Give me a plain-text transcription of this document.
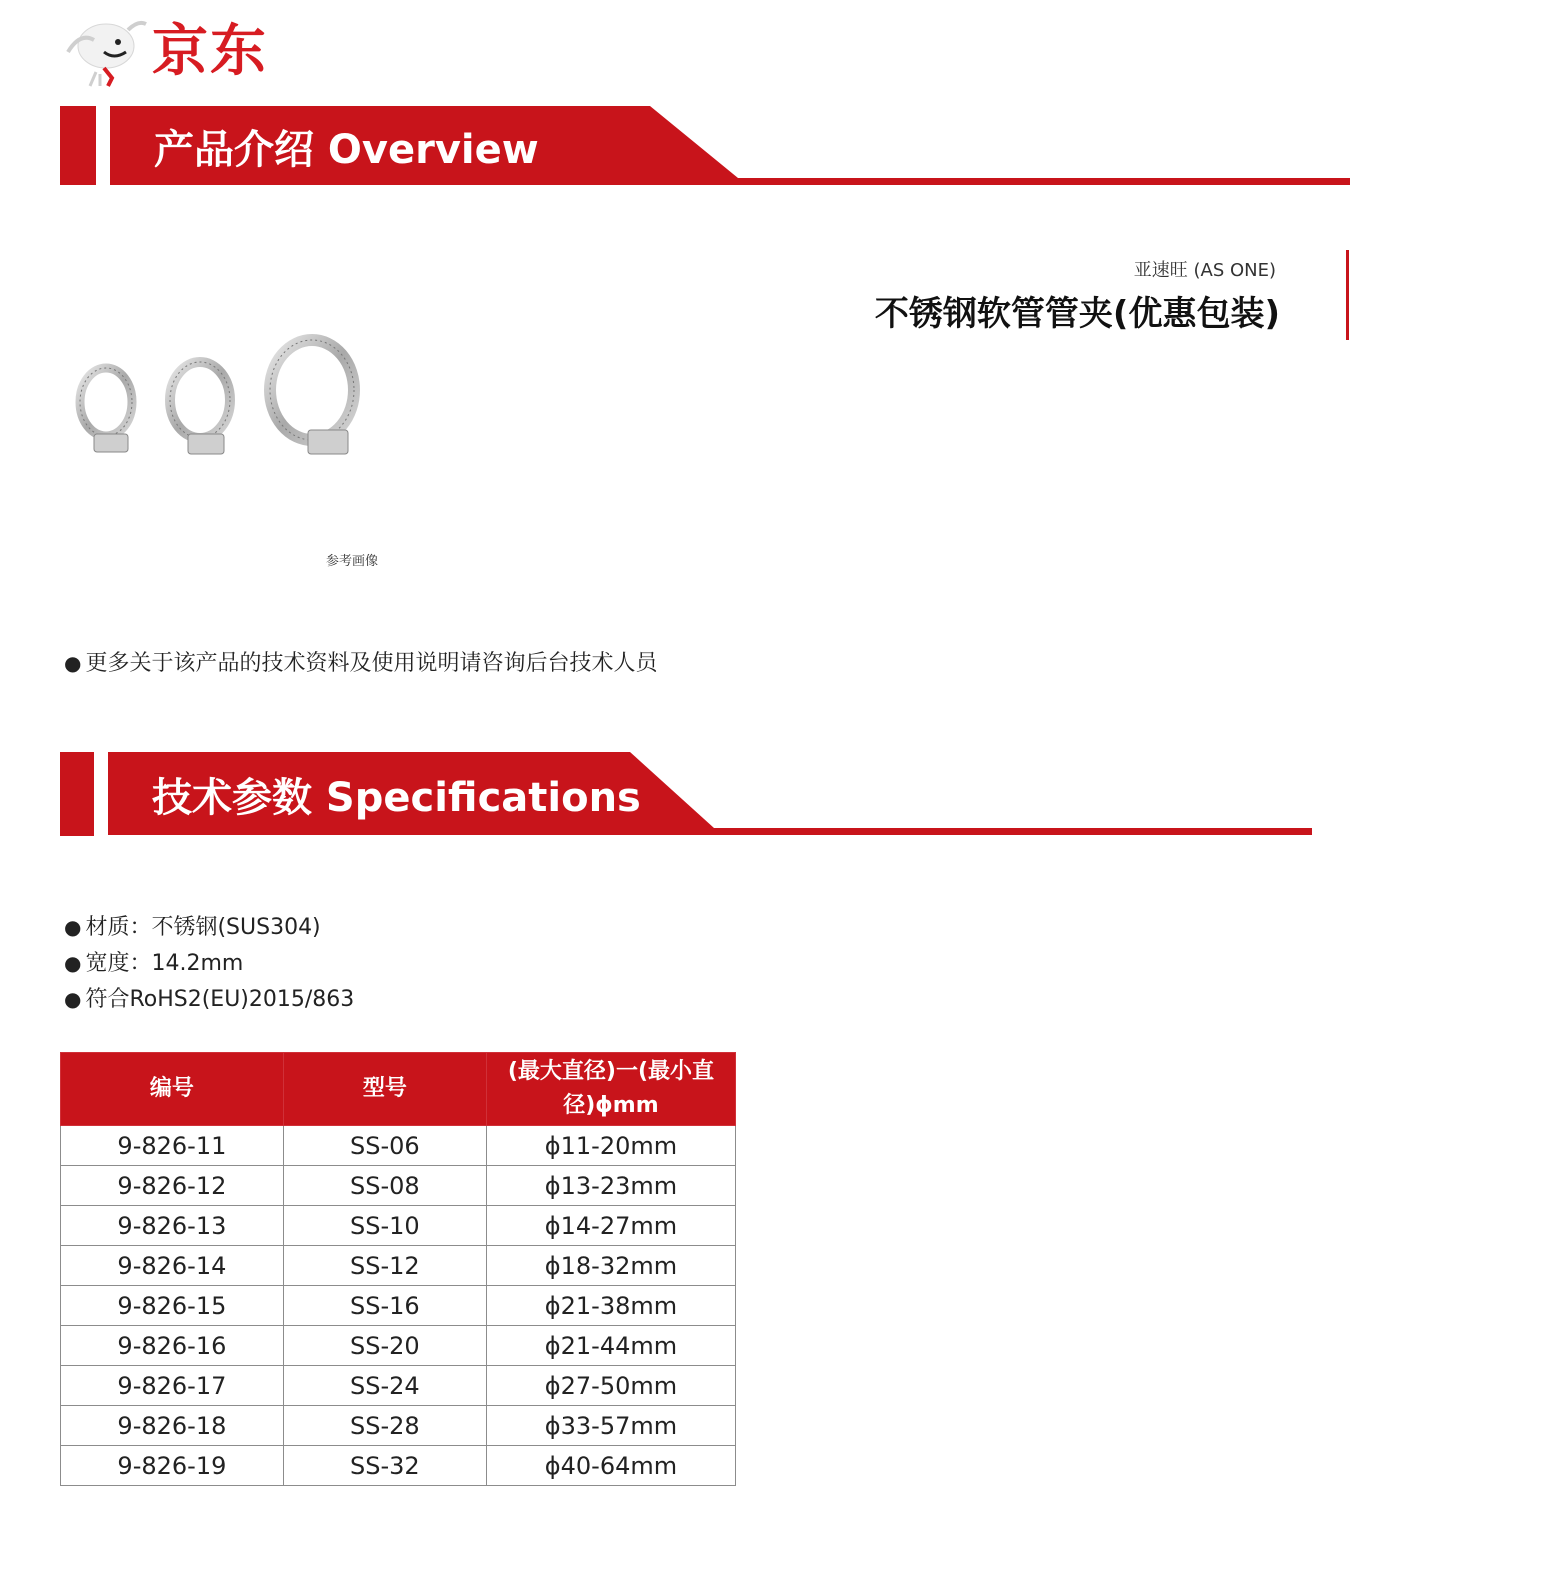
京东
产品介绍 Overview
亚速旺 (AS ONE)
不锈钢软管管夹(优惠包装)
参考画像
● 更多关于该产品的技术资料及使用说明请咨询后台技术人员
技术参数 Specifications
● 材质：不锈钢(SUS304)
● 宽度：14.2mm
● 符合RoHS2(EU)2015/863
编号	型号	(最大直径)一(最小直径)ϕmm
9-826-11	SS-06	ϕ11-20mm
9-826-12	SS-08	ϕ13-23mm
9-826-13	SS-10	ϕ14-27mm
9-826-14	SS-12	ϕ18-32mm
9-826-15	SS-16	ϕ21-38mm
9-826-16	SS-20	ϕ21-44mm
9-826-17	SS-24	ϕ27-50mm
9-826-18	SS-28	ϕ33-57mm
9-826-19	SS-32	ϕ40-64mm
